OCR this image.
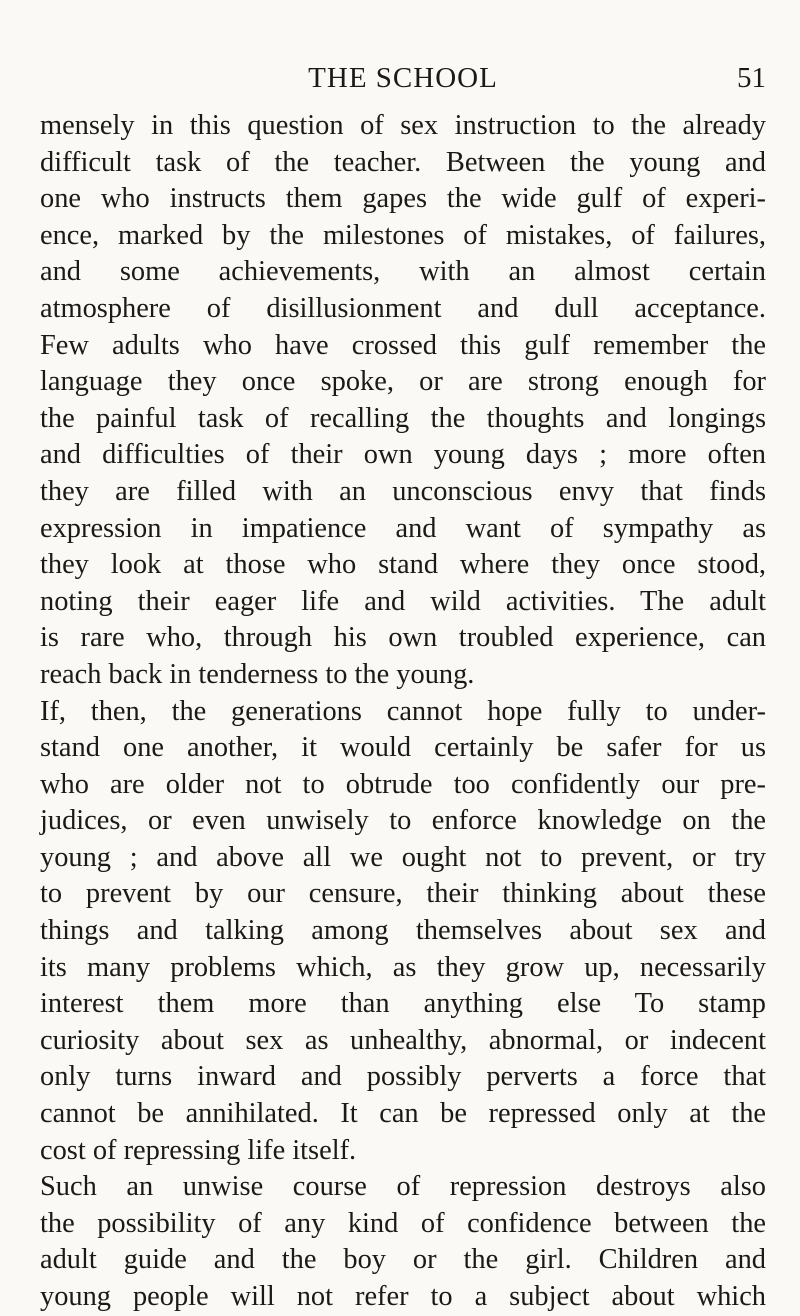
THE SCHOOL	51

mensely in this question of sex instruction to the already
difficult task of the teacher. Between the young and
one who instructs them gapes the wide gulf of experi-
ence, marked by the milestones of mistakes, of failures,
and some achievements, with an almost certain
atmosphere of disillusionment and dull acceptance.
Few adults who have crossed this gulf remember the
language they once spoke, or are strong enough for
the painful task of recalling the thoughts and longings
and difficulties of their own young days ; more often
they are filled with an unconscious envy that finds
expression in impatience and want of sympathy as
they look at those who stand where they once stood,
noting their eager life and wild activities. The adult
is rare who, through his own troubled experience, can
reach back in tenderness to the young.

If, then, the generations cannot hope fully to under-
stand one another, it would certainly be safer for us
who are older not to obtrude too confidently our pre-
judices, or even unwisely to enforce knowledge on the
young ; and above all we ought not to prevent, or try
to prevent by our censure, their thinking about these
things and talking among themselves about sex and
its many problems which, as they grow up, necessarily
interest them more than anything else To stamp
curiosity about sex as unhealthy, abnormal, or indecent
only turns inward and possibly perverts a force that
cannot be annihilated. It can be repressed only at the
cost of repressing life itself.

Such an unwise course of repression destroys also
the possibility of any kind of confidence between the
adult guide and the boy or the girl. Children and
young people will not refer to a subject about which
